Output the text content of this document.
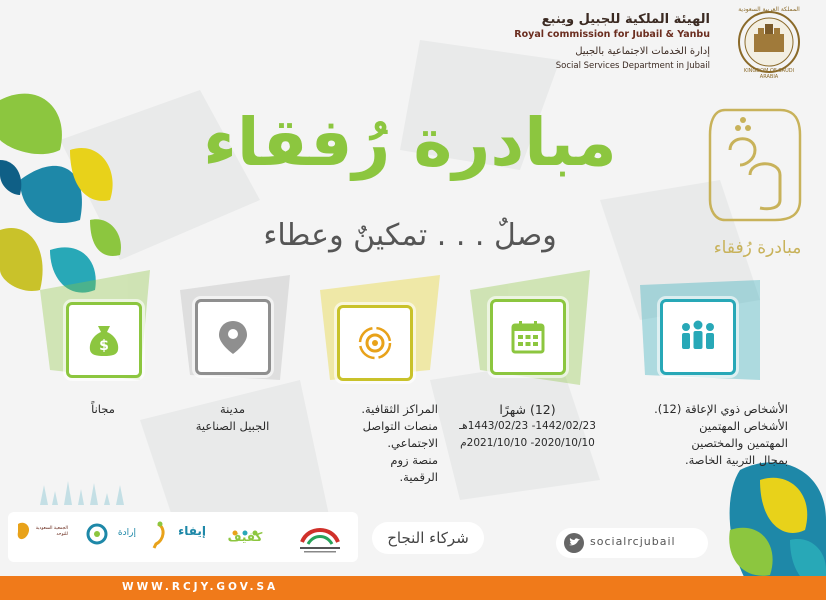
الهيئة الملكية للجبيل وينبع
Royal commission for Jubail & Yanbu
إدارة الخدمات الاجتماعية بالجبيل
Social Services Department in Jubail
المملكة العربية السعودية
KINGDOM OF SAUDI ARABIA
مبادرة رُفقاء
وصلٌ . . . تمكينٌ وعطاء	مبادرة رُفقاء
$
الأشخاص ذوي الإعاقة (12).
الأشخاص المهتمين
المهتمين والمختصين
بمجال التربية الخاصة.
(12) شهرًا
1442/02/23- 1443/02/23هـ
2020/10/10- 2021/10/10م
المراكز الثقافية.
منصات التواصل
الاجتماعي.
منصة زوم
الرقمية.
مدينة
الجبيل الصناعية
مجاناً
الجمعية السعودية للتوحد	إرادة	إيفاء	كفيف	شركاء النجاح	socialrcjubail
WWW.RCJY.GOV.SA
